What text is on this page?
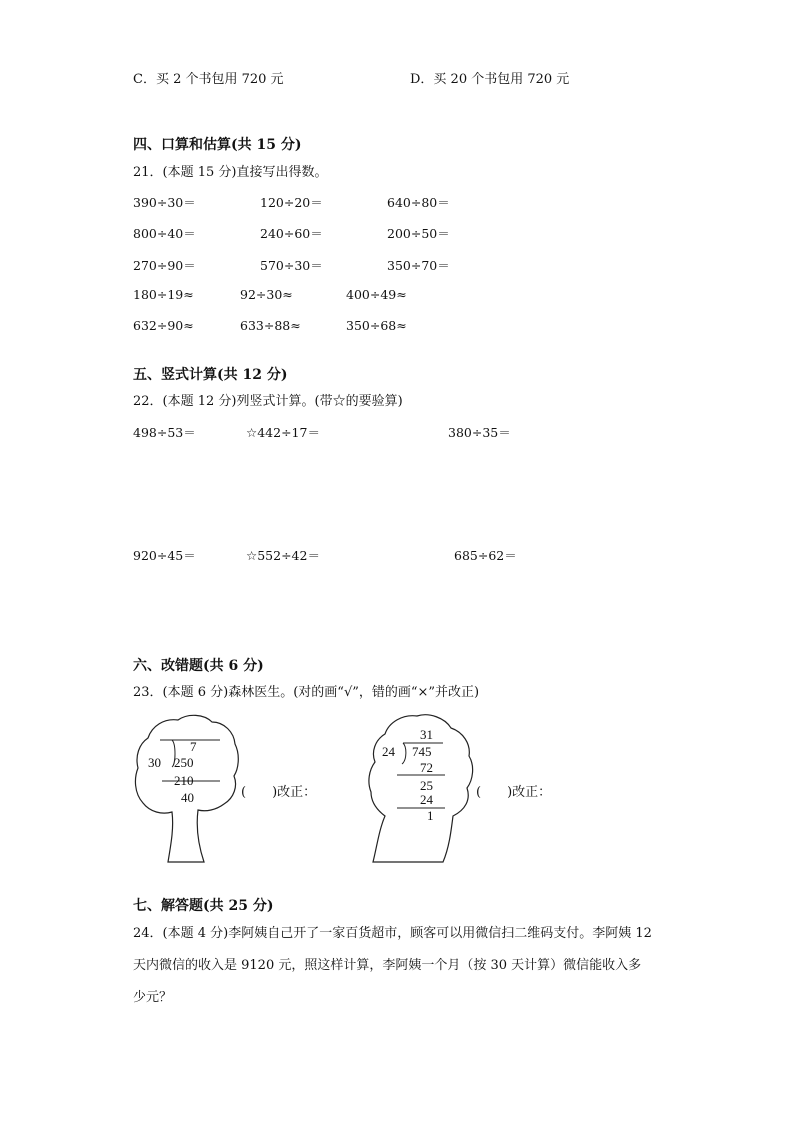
C．买 2 个书包用 720 元	D．买 20 个书包用 720 元
四、口算和估算(共 15 分)
21．(本题 15 分)直接写出得数。
390÷30＝	120÷20＝	640÷80＝
800÷40＝	240÷60＝	200÷50＝
270÷90＝	570÷30＝	350÷70＝
180÷19≈	92÷30≈	400÷49≈
632÷90≈	633÷88≈	350÷68≈
五、竖式计算(共 12 分)
22．(本题 12 分)列竖式计算。(带☆的要验算)
498÷53＝	☆442÷17＝	380÷35＝
920÷45＝	☆552÷42＝	685÷62＝
六、改错题(共 6 分)
23．(本题 6 分)森林医生。(对的画“√”，错的画“×”并改正)
7
30 250
210
40	(　　)改正：
31
24 745
72
25
24
1
(　　)改正：
七、解答题(共 25 分)
24．(本题 4 分)李阿姨自己开了一家百货超市，顾客可以用微信扫二维码支付。李阿姨 12
天内微信的收入是 9120 元，照这样计算，李阿姨一个月（按 30 天计算）微信能收入多
少元？
